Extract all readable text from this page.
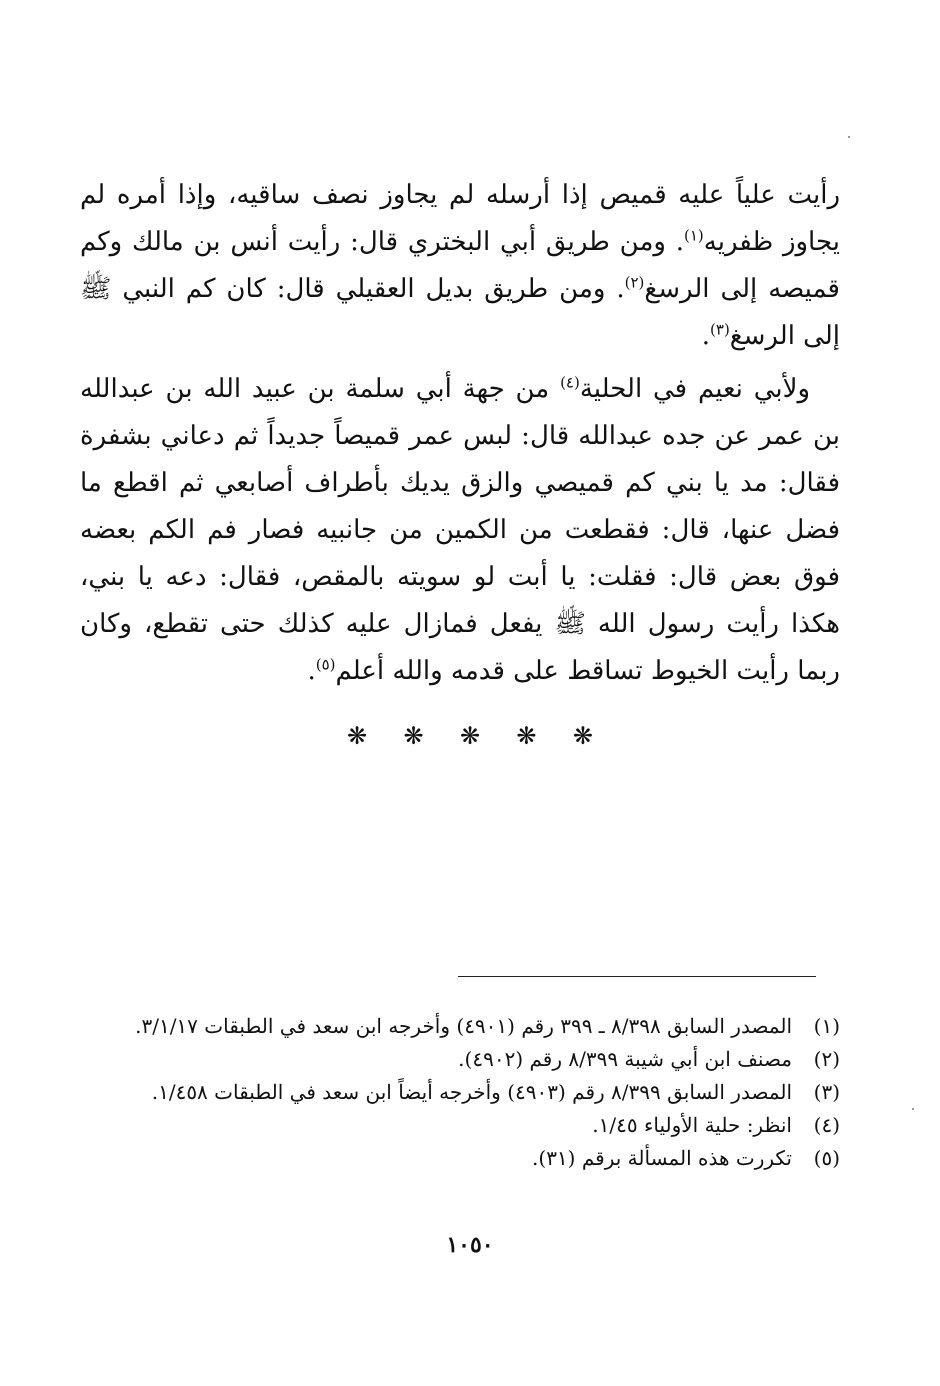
رأيت علياً عليه قميص إذا أرسله لم يجاوز نصف ساقيه، وإذا أمره لم يجاوز ظفريه$^{(١)}$. ومن طريق أبي البختري قال: رأيت أنس بن مالك وكم قميصه إلى الرسغ$^{(٢)}$. ومن طريق بديل العقيلي قال: كان كم النبي ﷺ إلى الرسغ$^{(٣)}$.

ولأبي نعيم في الحلية$^{(٤)}$ من جهة أبي سلمة بن عبيد الله بن عبدالله بن عمر عن جده عبدالله قال: لبس عمر قميصاً جديداً ثم دعاني بشفرة فقال: مد يا بني كم قميصي والزق يديك بأطراف أصابعي ثم اقطع ما فضل عنها، قال: فقطعت من الكمين من جانبيه فصار فم الكم بعضه فوق بعض قال: فقلت: يا أبت لو سويته بالمقص، فقال: دعه يا بني، هكذا رأيت رسول الله ﷺ يفعل فمازال عليه كذلك حتى تقطع، وكان ربما رأيت الخيوط تساقط على قدمه والله أعلم$^{(٥)}$.

❋ ❋ ❋ ❋ ❋

(١)
المصدر السابق ٨/٣٩٨ ـ ٣٩٩ رقم (٤٩٠١) وأخرجه ابن سعد في الطبقات ٣/١/١٧.

(٢)
مصنف ابن أبي شيبة ٨/٣٩٩ رقم (٤٩٠٢).

(٣)
المصدر السابق ٨/٣٩٩ رقم (٤٩٠٣) وأخرجه أيضاً ابن سعد في الطبقات ١/٤٥٨.

(٤)
انظر: حلية الأولياء ١/٤٥.

(٥)
تكررت هذه المسألة برقم (٣١).

١٠٥٠
